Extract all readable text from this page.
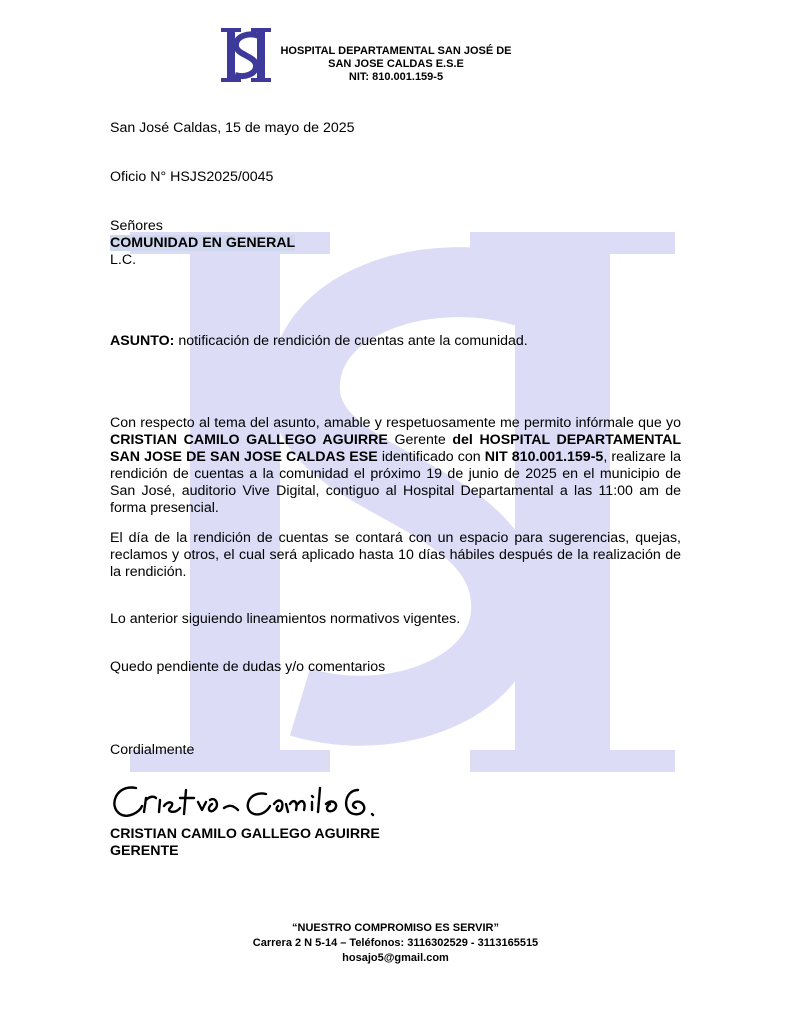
HOSPITAL DEPARTAMENTAL SAN JOSÉ DE
SAN JOSE CALDAS E.S.E
NIT: 810.001.159-5
San José Caldas, 15 de mayo de 2025
Oficio N° HSJS2025/0045
Señores
COMUNIDAD EN GENERAL
L.C.
ASUNTO: notificación de rendición de cuentas ante la comunidad.

Con respecto al tema del asunto, amable y respetuosamente me permito infórmale que yo CRISTIAN CAMILO GALLEGO AGUIRRE Gerente del HOSPITAL DEPARTAMENTAL SAN JOSE DE SAN JOSE CALDAS ESE identificado con NIT 810.001.159-5, realizare la rendición de cuentas a la comunidad el próximo 19 de junio de 2025 en el municipio de San José, auditorio Vive Digital, contiguo al Hospital Departamental a las 11:00 am de forma presencial.

El día de la rendición de cuentas se contará con un espacio para sugerencias, quejas, reclamos y otros, el cual será aplicado hasta 10 días hábiles después de la realización de la rendición.

Lo anterior siguiendo lineamientos normativos vigentes.
Quedo pendiente de dudas y/o comentarios
Cordialmente
CRISTIAN CAMILO GALLEGO AGUIRRE
GERENTE
“NUESTRO COMPROMISO ES SERVIR”
Carrera 2 N 5-14 – Teléfonos: 3116302529 - 3113165515
hosajo5@gmail.com
